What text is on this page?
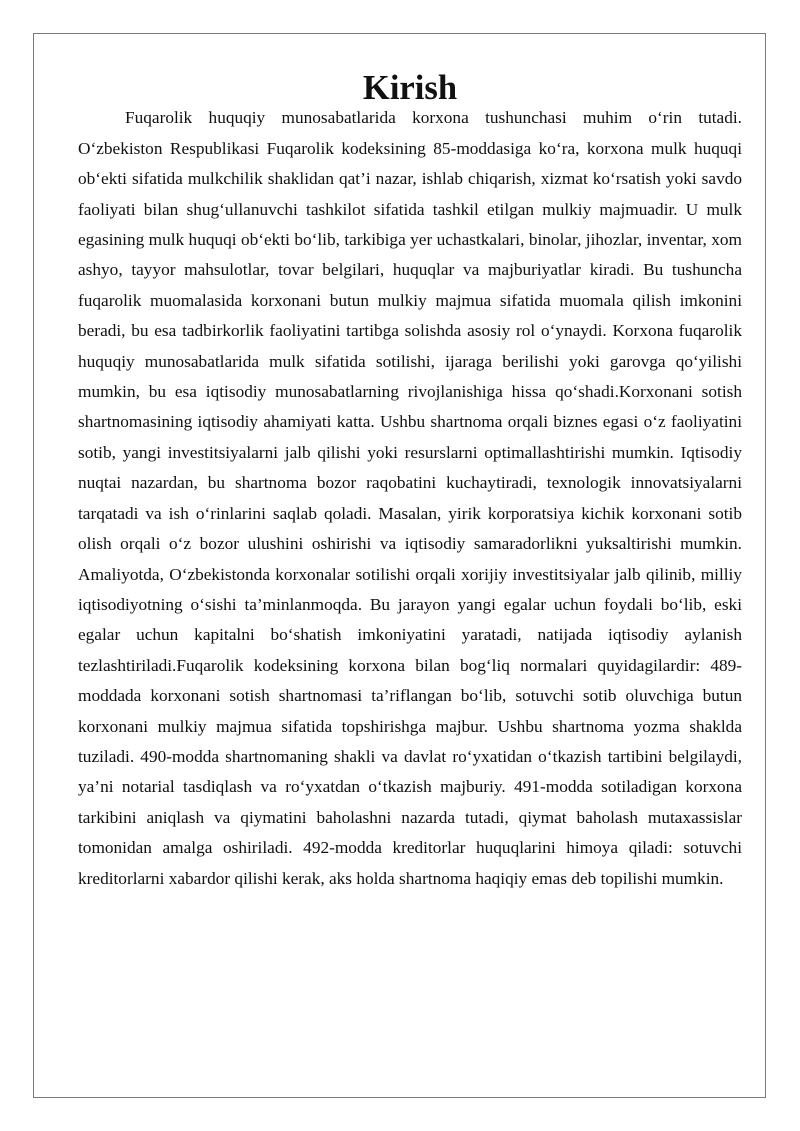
Kirish

Fuqarolik huquqiy munosabatlarida korxona tushunchasi muhim o‘rin tutadi. O‘zbekiston Respublikasi Fuqarolik kodeksining 85-moddasiga ko‘ra, korxona mulk huquqi ob‘ekti sifatida mulkchilik shaklidan qat’i nazar, ishlab chiqarish, xizmat ko‘rsatish yoki savdo faoliyati bilan shug‘ullanuvchi tashkilot sifatida tashkil etilgan mulkiy majmuadir. U mulk egasining mulk huquqi ob‘ekti bo‘lib, tarkibiga yer uchastkalari, binolar, jihozlar, inventar, xom ashyo, tayyor mahsulotlar, tovar belgilari, huquqlar va majburiyatlar kiradi. Bu tushuncha fuqarolik muomalasida korxonani butun mulkiy majmua sifatida muomala qilish imkonini beradi, bu esa tadbirkorlik faoliyatini tartibga solishda asosiy rol o‘ynaydi. Korxona fuqarolik huquqiy munosabatlarida mulk sifatida sotilishi, ijaraga berilishi yoki garovga qo‘yilishi mumkin, bu esa iqtisodiy munosabatlarning rivojlanishiga hissa qo‘shadi.Korxonani sotish shartnomasining iqtisodiy ahamiyati katta. Ushbu shartnoma orqali biznes egasi o‘z faoliyatini sotib, yangi investitsiyalarni jalb qilishi yoki resurslarni optimallashtirishi mumkin. Iqtisodiy nuqtai nazardan, bu shartnoma bozor raqobatini kuchaytiradi, texnologik innovatsiyalarni tarqatadi va ish o‘rinlarini saqlab qoladi. Masalan, yirik korporatsiya kichik korxonani sotib olish orqali o‘z bozor ulushini oshirishi va iqtisodiy samaradorlikni yuksaltirishi mumkin. Amaliyotda, O‘zbekistonda korxonalar sotilishi orqali xorijiy investitsiyalar jalb qilinib, milliy iqtisodiyotning o‘sishi ta’minlanmoqda. Bu jarayon yangi egalar uchun foydali bo‘lib, eski egalar uchun kapitalni bo‘shatish imkoniyatini yaratadi, natijada iqtisodiy aylanish tezlashtiriladi.Fuqarolik kodeksining korxona bilan bog‘liq normalari quyidagilardir: 489-moddada korxonani sotish shartnomasi ta’riflangan bo‘lib, sotuvchi sotib oluvchiga butun korxonani mulkiy majmua sifatida topshirishga majbur. Ushbu shartnoma yozma shaklda tuziladi. 490-modda shartnomaning shakli va davlat ro‘yxatidan o‘tkazish tartibini belgilaydi, ya’ni notarial tasdiqlash va ro‘yxatdan o‘tkazish majburiy. 491-modda sotiladigan korxona tarkibini aniqlash va qiymatini baholashni nazarda tutadi, qiymat baholash mutaxassislar tomonidan amalga oshiriladi. 492-modda kreditorlar huquqlarini himoya qiladi: sotuvchi kreditorlarni xabardor qilishi kerak, aks holda shartnoma haqiqiy emas deb topilishi mumkin.
